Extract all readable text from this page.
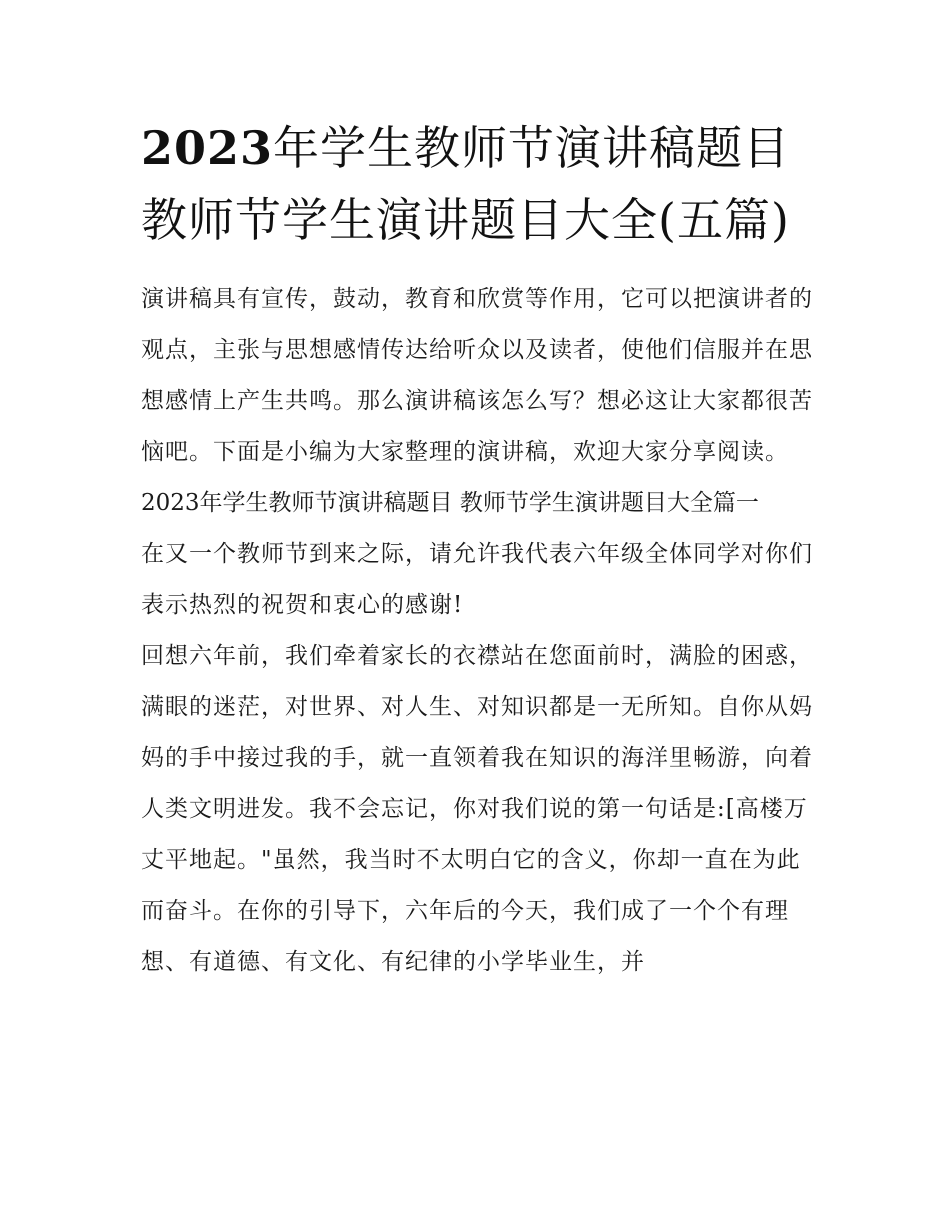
2023年学生教师节演讲稿题目 教师节学生演讲题目大全(五篇)

演讲稿具有宣传，鼓动，教育和欣赏等作用，它可以把演讲者的观点，主张与思想感情传达给听众以及读者，使他们信服并在思想感情上产生共鸣。那么演讲稿该怎么写？想必这让大家都很苦恼吧。下面是小编为大家整理的演讲稿，欢迎大家分享阅读。

2023年学生教师节演讲稿题目 教师节学生演讲题目大全篇一

在又一个教师节到来之际，请允许我代表六年级全体同学对你们表示热烈的祝贺和衷心的感谢!

回想六年前，我们牵着家长的衣襟站在您面前时，满脸的困惑，满眼的迷茫，对世界、对人生、对知识都是一无所知。自你从妈妈的手中接过我的手，就一直领着我在知识的海洋里畅游，向着人类文明进发。我不会忘记，你对我们说的第一句话是:[高楼万丈平地起。"虽然，我当时不太明白它的含义，你却一直在为此而奋斗。在你的引导下，六年后的今天，我们成了一个个有理想、有道德、有文化、有纪律的小学毕业生，并
